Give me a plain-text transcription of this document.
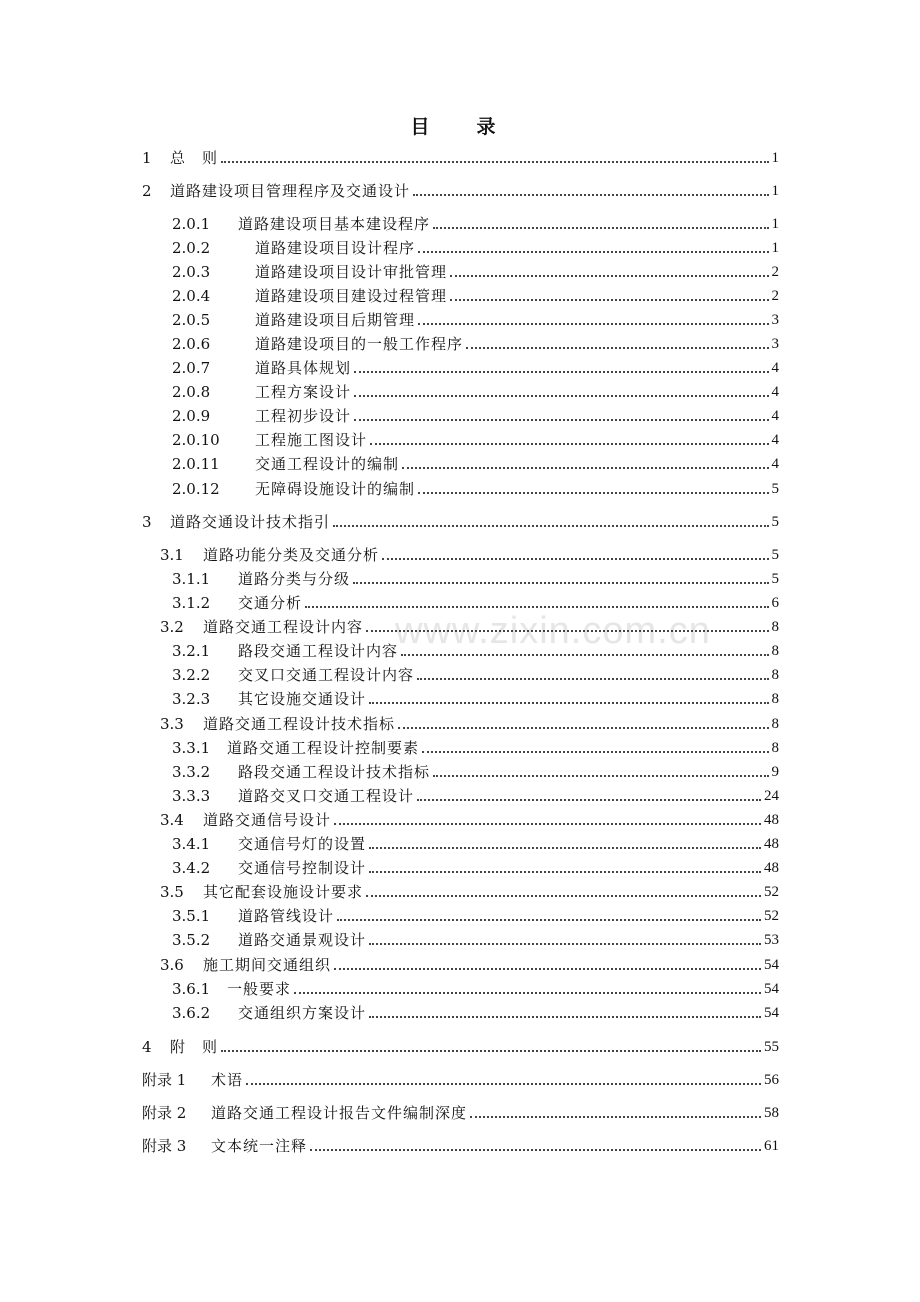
www.zixin.com.cn
目　录
1 总　则	1
2 道路建设项目管理程序及交通设计	1
2.0.1 道路建设项目基本建设程序	1
2.0.2	道路建设项目设计程序	1
2.0.3	道路建设项目设计审批管理	2
2.0.4	道路建设项目建设过程管理	2
2.0.5	道路建设项目后期管理	3
2.0.6	道路建设项目的一般工作程序	3
2.0.7	道路具体规划	4
2.0.8	工程方案设计	4
2.0.9	工程初步设计	4
2.0.10 工程施工图设计	4
2.0.11 交通工程设计的编制	4
2.0.12 无障碍设施设计的编制	5
3 道路交通设计技术指引	5
3.1 道路功能分类及交通分析	5
3.1.1 道路分类与分级	5
3.1.2 交通分析	6
3.2 道路交通工程设计内容	8
3.2.1 路段交通工程设计内容	8
3.2.2 交叉口交通工程设计内容	8
3.2.3 其它设施交通设计	8
3.3 道路交通工程设计技术指标	8
3.3.1 道路交通工程设计控制要素	8
3.3.2 路段交通工程设计技术指标	9
3.3.3 道路交叉口交通工程设计	24
3.4 道路交通信号设计	48
3.4.1 交通信号灯的设置	48
3.4.2 交通信号控制设计	48
3.5 其它配套设施设计要求	52
3.5.1 道路管线设计	52
3.5.2 道路交通景观设计	53
3.6 施工期间交通组织	54
3.6.1 一般要求	54
3.6.2 交通组织方案设计	54
4 附　则	55
附录 1 术语	56
附录 2 道路交通工程设计报告文件编制深度	58
附录 3 文本统一注释	61
